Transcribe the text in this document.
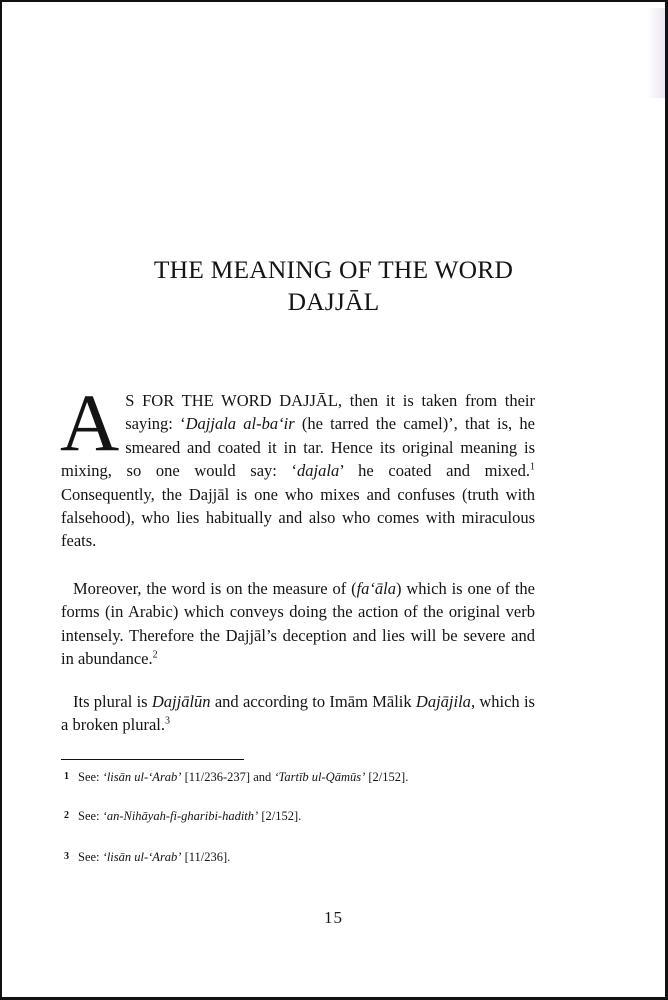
THE MEANING OF THE WORD
DAJJĀL

A S FOR THE WORD DAJJĀL, then it is taken from their saying: ‘Dajjala al-ba‘ir (he tarred the camel)’, that is, he smeared and coated it in tar. Hence its original meaning is mixing, so one would say: ‘dajala’ he coated and mixed.$^1$ Consequently, the Dajjāl is one who mixes and confuses (truth with falsehood), who lies habitually and also who comes with miraculous feats.

Moreover, the word is on the measure of (fa‘āla) which is one of the forms (in Arabic) which conveys doing the action of the original verb intensely. Therefore the Dajjāl’s deception and lies will be severe and in abundance.$^2$

Its plural is Dajjālūn and according to Imām Mālik Dajājila, which is a broken plural.$^3$

1 See: ‘lisān ul-‘Arab’ [11/236-237] and ‘Tartīb ul-Qāmūs’ [2/152].
2 See: ‘an-Nihāyah-fi-gharibi-hadith’ [2/152].
3 See: ‘lisān ul-‘Arab’ [11/236].
15
